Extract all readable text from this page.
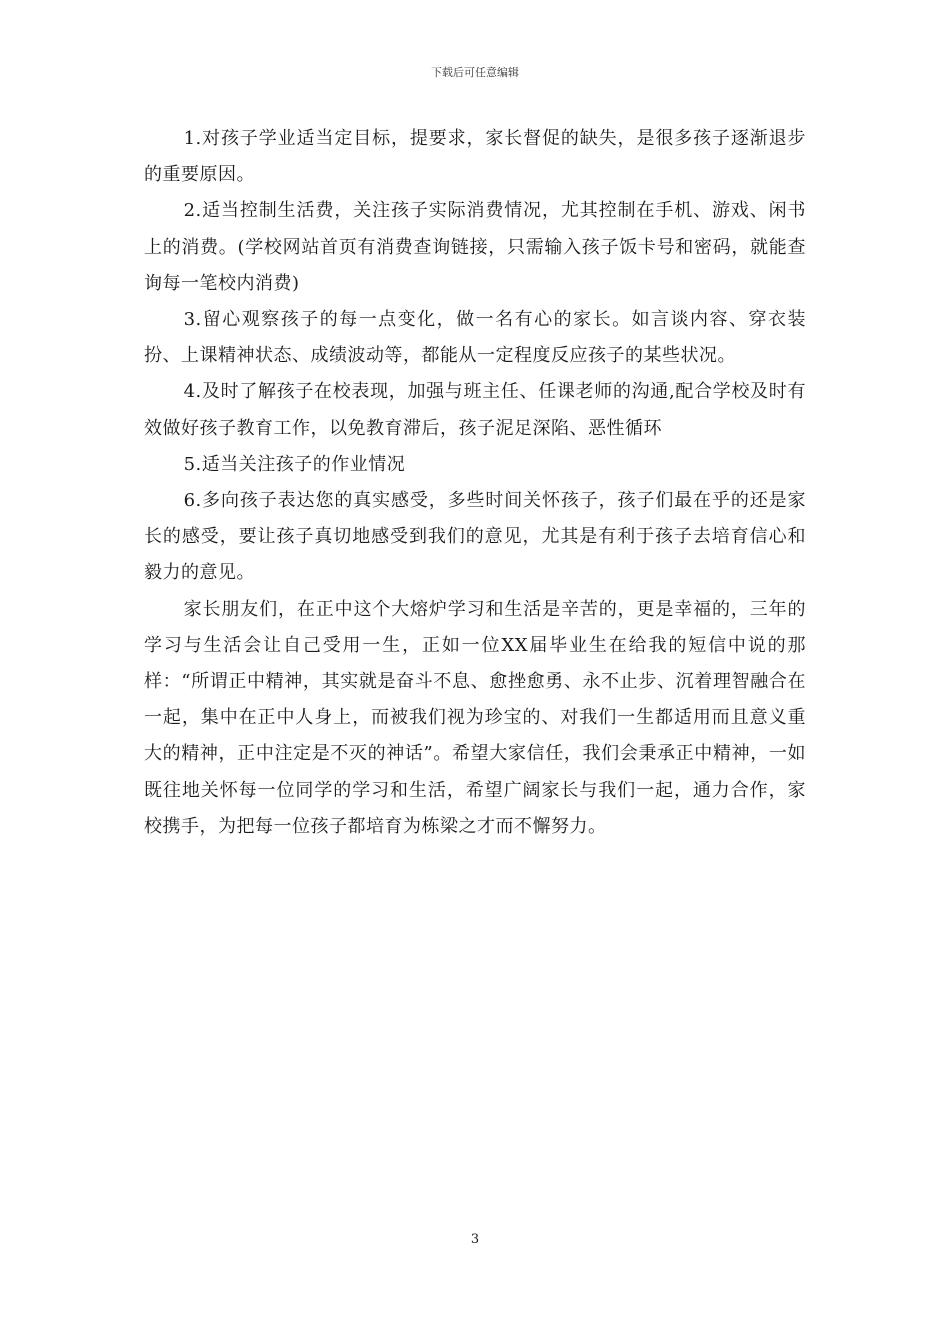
下载后可任意编辑

1.对孩子学业适当定目标，提要求，家长督促的缺失，是很多孩子逐渐退步的重要原因。

2.适当控制生活费，关注孩子实际消费情况，尤其控制在手机、游戏、闲书上的消费。(学校网站首页有消费查询链接，只需输入孩子饭卡号和密码，就能查询每一笔校内消费)

3.留心观察孩子的每一点变化，做一名有心的家长。如言谈内容、穿衣装扮、上课精神状态、成绩波动等，都能从一定程度反应孩子的某些状况。

4.及时了解孩子在校表现，加强与班主任、任课老师的沟通,配合学校及时有效做好孩子教育工作，以免教育滞后，孩子泥足深陷、恶性循环

5.适当关注孩子的作业情况

6.多向孩子表达您的真实感受，多些时间关怀孩子，孩子们最在乎的还是家长的感受，要让孩子真切地感受到我们的意见，尤其是有利于孩子去培育信心和毅力的意见。

家长朋友们，在正中这个大熔炉学习和生活是辛苦的，更是幸福的，三年的学习与生活会让自己受用一生，正如一位XX届毕业生在给我的短信中说的那样：“所谓正中精神，其实就是奋斗不息、愈挫愈勇、永不止步、沉着理智融合在一起，集中在正中人身上，而被我们视为珍宝的、对我们一生都适用而且意义重大的精神，正中注定是不灭的神话”。希望大家信任，我们会秉承正中精神，一如既往地关怀每一位同学的学习和生活，希望广阔家长与我们一起，通力合作，家校携手，为把每一位孩子都培育为栋梁之才而不懈努力。

3
